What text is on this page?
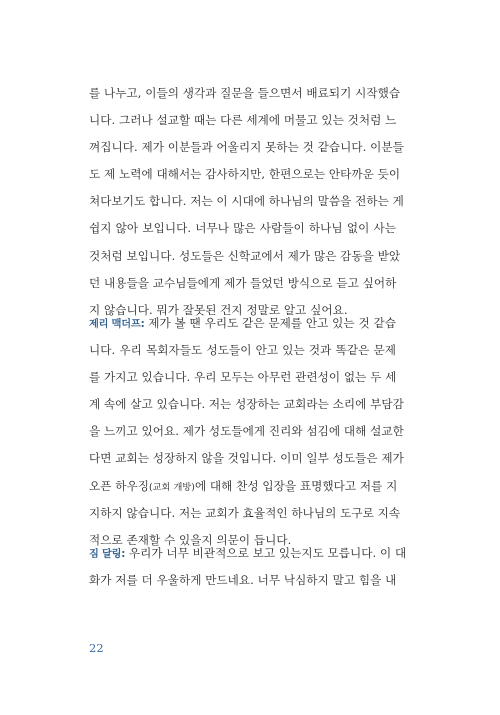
를 나누고, 이들의 생각과 질문을 들으면서 배료되기 시작했습
니다. 그러나 설교할 때는 다른 세계에 머물고 있는 것처럼 느
껴집니다. 제가 이분들과 어울리지 못하는 것 같습니다. 이분들
도 제 노력에 대해서는 감사하지만, 한편으로는 안타까운 듯이
쳐다보기도 합니다. 저는 이 시대에 하나님의 말씀을 전하는 게
쉽지 않아 보입니다. 너무나 많은 사람들이 하나님 없이 사는
것처럼 보입니다. 성도들은 신학교에서 제가 많은 감동을 받았
던 내용들을 교수님들에게 제가 들었던 방식으로 듣고 싶어하
지 않습니다. 뭐가 잘못된 건지 정말로 알고 싶어요.
제리 맥더프: 제가 볼 땐 우리도 같은 문제를 안고 있는 것 같습
니다. 우리 목회자들도 성도들이 안고 있는 것과 똑같은 문제
를 가지고 있습니다. 우리 모두는 아무런 관련성이 없는 두 세
계 속에 살고 있습니다. 저는 성장하는 교회라는 소리에 부담감
을 느끼고 있어요. 제가 성도들에게 진리와 섬김에 대해 설교한
다면 교회는 성장하지 않을 것입니다. 이미 일부 성도들은 제가
오픈 하우징(교회 개방)에 대해 찬성 입장을 표명했다고 저를 지
지하지 않습니다. 저는 교회가 효율적인 하나님의 도구로 지속
적으로 존재할 수 있을지 의문이 듭니다.
짐 달링: 우리가 너무 비관적으로 보고 있는지도 모릅니다. 이 대
화가 저를 더 우울하게 만드네요. 너무 낙심하지 말고 힘을 내
22
